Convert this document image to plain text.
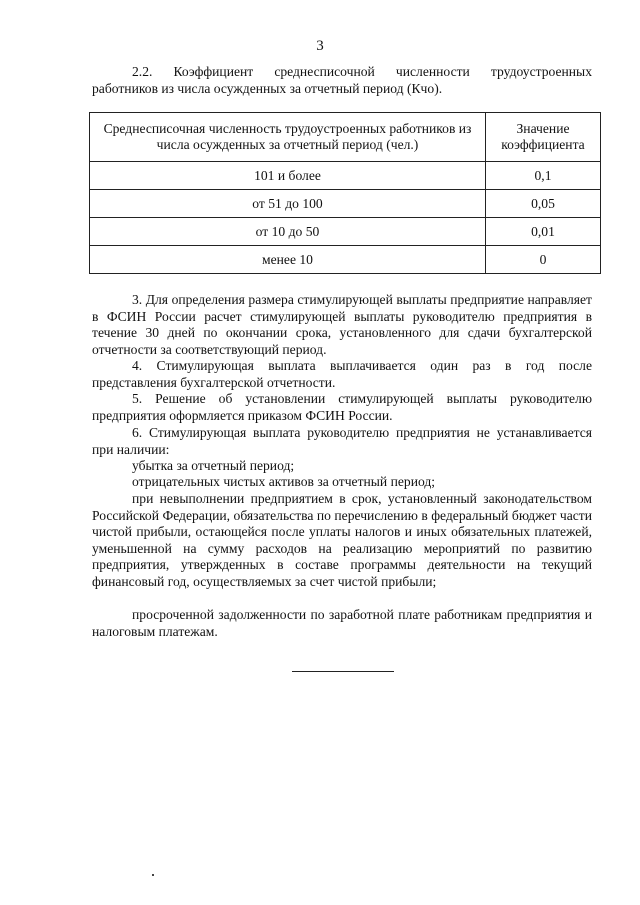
3
2.2. Коэффициент среднесписочной численности трудоустроенных
работников из числа осужденных за отчетный период (Кчо).
Среднесписочная численность трудоустроенных работников из числа осужденных за отчетный период (чел.)	Значение коэффициента
101 и более	0,1
от 51 до 100	0,05
от 10 до 50	0,01
менее 10	0
3. Для определения размера стимулирующей выплаты предприятие направляет в ФСИН России расчет стимулирующей выплаты руководителю предприятия в течение 30 дней по окончании срока, установленного для сдачи бухгалтерской отчетности за соответствующий период.
4. Стимулирующая выплата выплачивается один раз в год после представления бухгалтерской отчетности.
5. Решение об установлении стимулирующей выплаты руководителю предприятия оформляется приказом ФСИН России.
6. Стимулирующая выплата руководителю предприятия не устанавливается при наличии:
убытка за отчетный период;
отрицательных чистых активов за отчетный период;
при невыполнении предприятием в срок, установленный законодательством Российской Федерации, обязательства по перечислению в федеральный бюджет части чистой прибыли, остающейся после уплаты налогов и иных обязательных платежей, уменьшенной на сумму расходов на реализацию мероприятий по развитию предприятия, утвержденных в составе программы деятельности на текущий финансовый год, осуществляемых за счет чистой прибыли;
просроченной задолженности по заработной плате работникам предприятия и налоговым платежам.
